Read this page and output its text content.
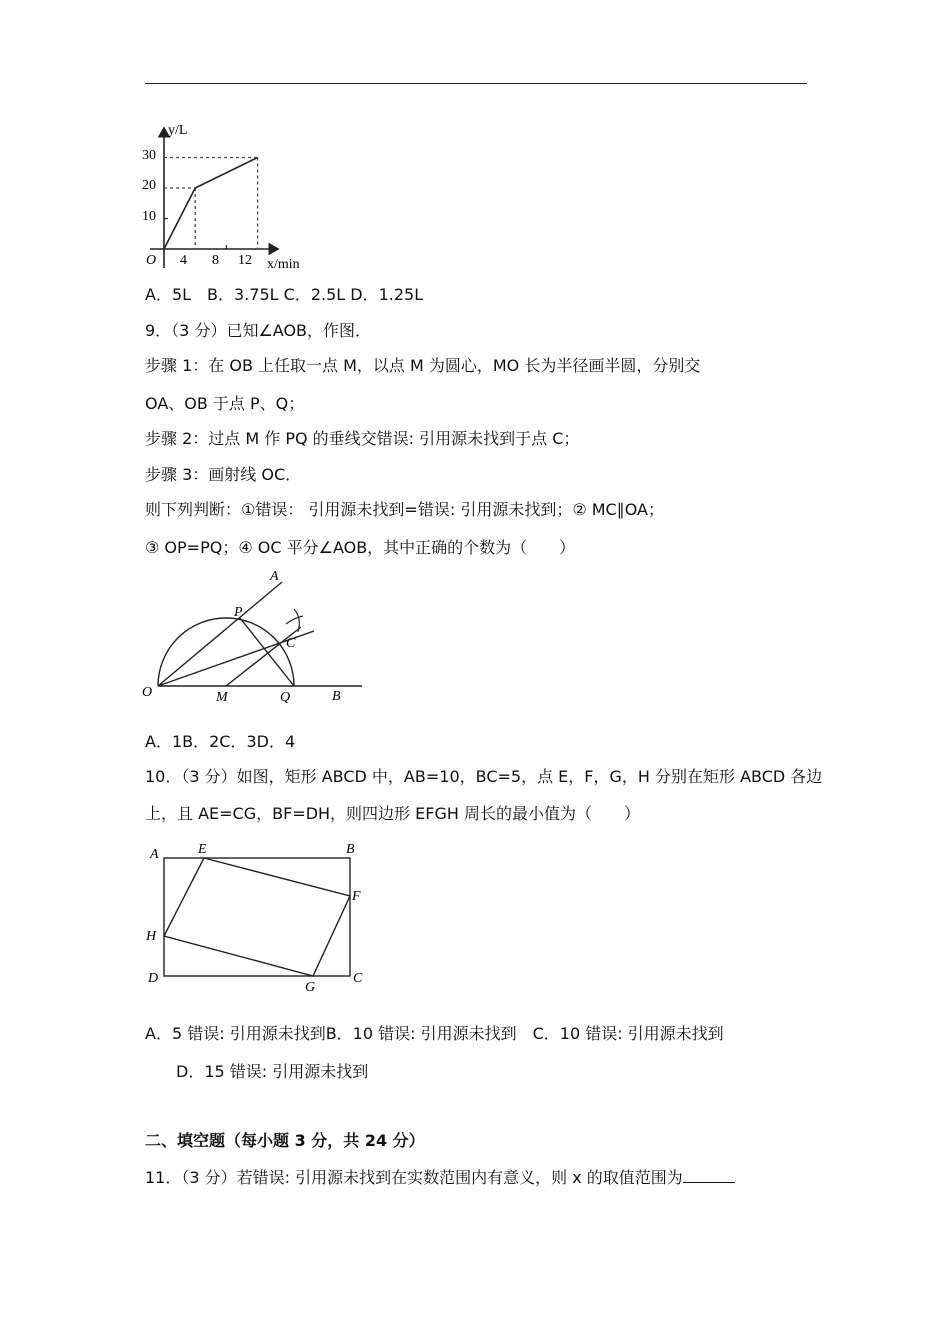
y/L
x/min
O
30
20
10
4 8 12
A．5L　B．3.75L C．2.5L D．1.25L
9．（3 分）已知∠AOB，作图．
步骤 1：在 OB 上任取一点 M，以点 M 为圆心，MO 长为半径画半圆，分别交
OA、OB 于点 P、Q；
步骤 2：过点 M 作 PQ 的垂线交错误: 引用源未找到于点 C；
步骤 3：画射线 OC．
则下列判断：①错误： 引用源未找到=错误: 引用源未找到；② MC∥OA；
③ OP=PQ；④ OC 平分∠AOB，其中正确的个数为（　　）
A
P
C
O	M	Q	B
A．1B．2C．3D．4
10．（3 分）如图，矩形 ABCD 中，AB=10，BC=5，点 E，F，G，H 分别在矩形 ABCD 各边
上，且 AE=CG，BF=DH，则四边形 EFGH 周长的最小值为（　　）
A	E	B
F
H
D
G
C
A．5 错误: 引用源未找到B．10 错误: 引用源未找到　C．10 错误: 引用源未找到
D．15 错误: 引用源未找到
二、填空题（每小题 3 分，共 24 分）
11．（3 分）若错误: 引用源未找到在实数范围内有意义，则 x 的取值范围为
